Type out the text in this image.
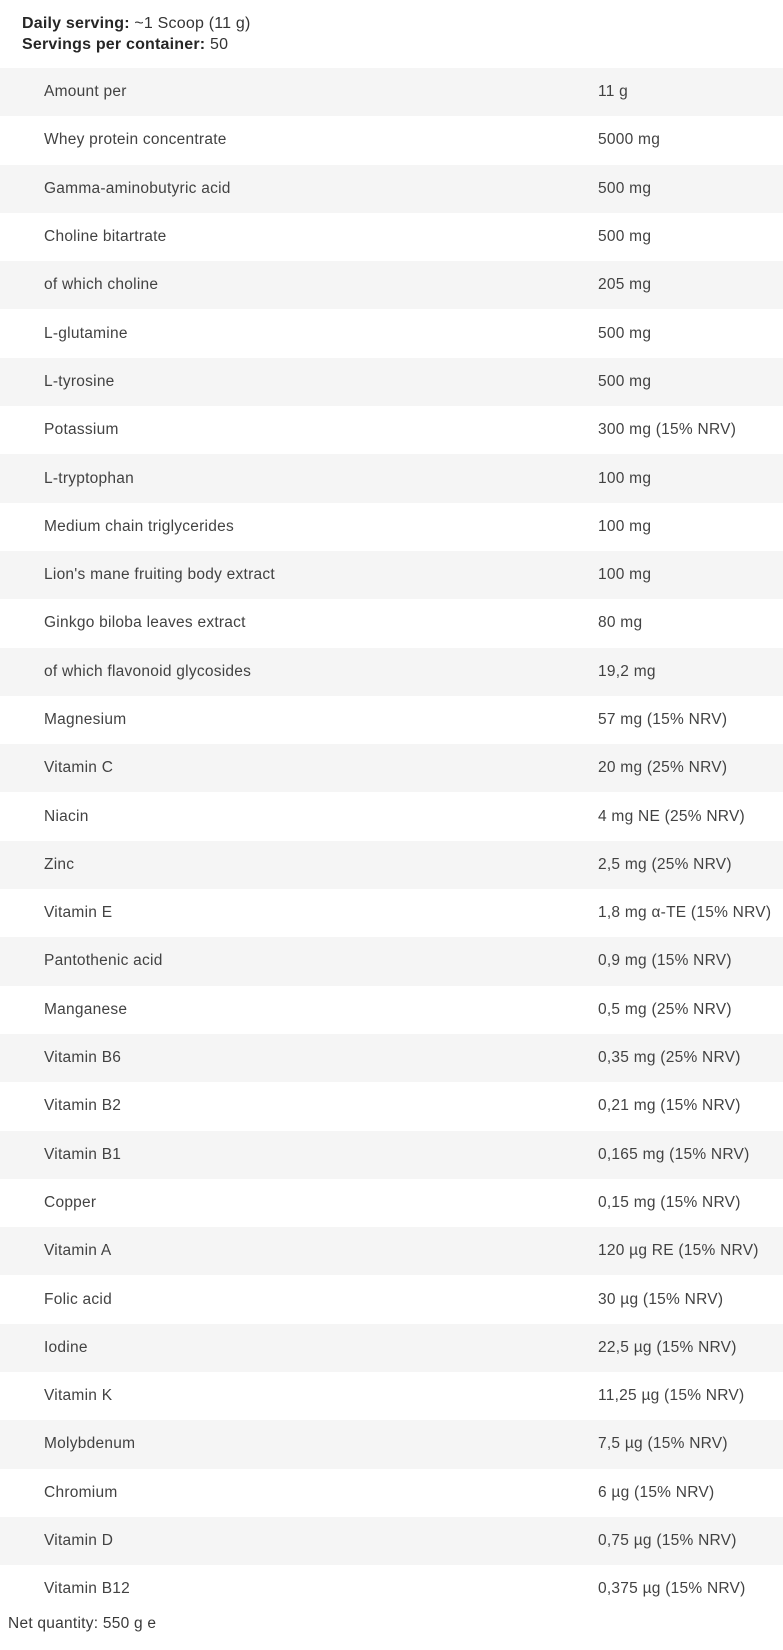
Daily serving: ~1 Scoop (11 g)
Servings per container: 50
Amount per	11 g
Whey protein concentrate	5000 mg
Gamma-aminobutyric acid	500 mg
Choline bitartrate	500 mg
of which choline	205 mg
L-glutamine	500 mg
L-tyrosine	500 mg
Potassium	300 mg (15% NRV)
L-tryptophan	100 mg
Medium chain triglycerides	100 mg
Lion's mane fruiting body extract	100 mg
Ginkgo biloba leaves extract	80 mg
of which flavonoid glycosides	19,2 mg
Magnesium	57 mg (15% NRV)
Vitamin C	20 mg (25% NRV)
Niacin	4 mg NE (25% NRV)
Zinc	2,5 mg (25% NRV)
Vitamin E	1,8 mg α-TE (15% NRV)
Pantothenic acid	0,9 mg (15% NRV)
Manganese	0,5 mg (25% NRV)
Vitamin B6	0,35 mg (25% NRV)
Vitamin B2	0,21 mg (15% NRV)
Vitamin B1	0,165 mg (15% NRV)
Copper	0,15 mg (15% NRV)
Vitamin A	120 µg RE (15% NRV)
Folic acid	30 µg (15% NRV)
Iodine	22,5 µg (15% NRV)
Vitamin K	11,25 µg (15% NRV)
Molybdenum	7,5 µg (15% NRV)
Chromium	6 µg (15% NRV)
Vitamin D	0,75 µg (15% NRV)
Vitamin B12	0,375 µg (15% NRV)
Net quantity: 550 g e
